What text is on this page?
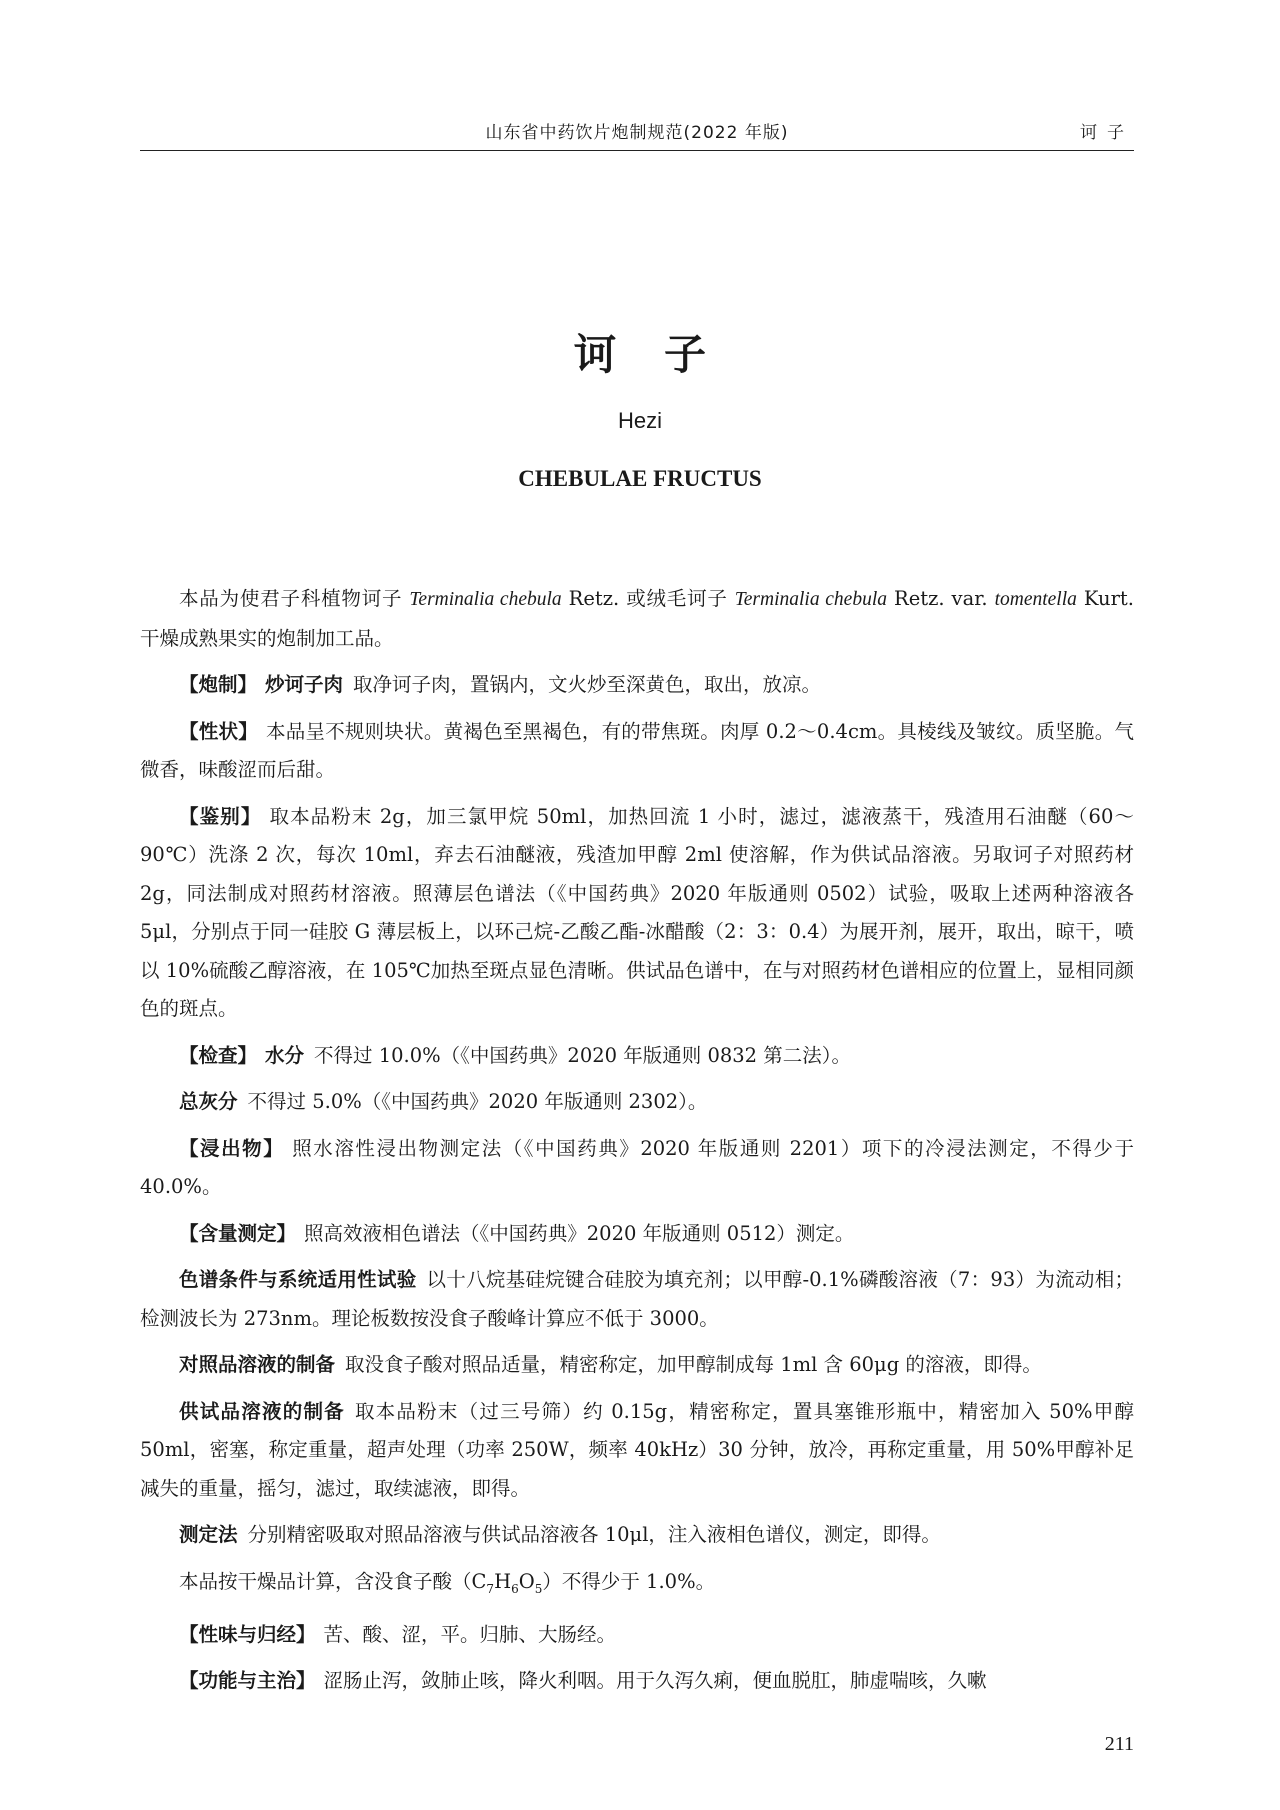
山东省中药饮片炮制规范(2022 年版)	诃子
诃子
Hezi
CHEBULAE FRUCTUS

本品为使君子科植物诃子 Terminalia chebula Retz. 或绒毛诃子 Terminalia chebula Retz. var. tomentella Kurt. 干燥成熟果实的炮制加工品。

【炮制】 炒诃子肉 取净诃子肉，置锅内，文火炒至深黄色，取出，放凉。

【性状】 本品呈不规则块状。黄褐色至黑褐色，有的带焦斑。肉厚 0.2～0.4cm。具棱线及皱纹。质坚脆。气微香，味酸涩而后甜。

【鉴别】 取本品粉末 2g，加三氯甲烷 50ml，加热回流 1 小时，滤过，滤液蒸干，残渣用石油醚（60～90℃）洗涤 2 次，每次 10ml，弃去石油醚液，残渣加甲醇 2ml 使溶解，作为供试品溶液。另取诃子对照药材 2g，同法制成对照药材溶液。照薄层色谱法（《中国药典》2020 年版通则 0502）试验，吸取上述两种溶液各 5μl，分别点于同一硅胶 G 薄层板上，以环己烷-乙酸乙酯-冰醋酸（2：3：0.4）为展开剂，展开，取出，晾干，喷以 10%硫酸乙醇溶液，在 105℃加热至斑点显色清晰。供试品色谱中，在与对照药材色谱相应的位置上，显相同颜色的斑点。

【检查】 水分 不得过 10.0%（《中国药典》2020 年版通则 0832 第二法）。

总灰分 不得过 5.0%（《中国药典》2020 年版通则 2302）。

【浸出物】 照水溶性浸出物测定法（《中国药典》2020 年版通则 2201）项下的冷浸法测定，不得少于 40.0%。

【含量测定】 照高效液相色谱法（《中国药典》2020 年版通则 0512）测定。

色谱条件与系统适用性试验 以十八烷基硅烷键合硅胶为填充剂；以甲醇-0.1%磷酸溶液（7：93）为流动相；检测波长为 273nm。理论板数按没食子酸峰计算应不低于 3000。

对照品溶液的制备 取没食子酸对照品适量，精密称定，加甲醇制成每 1ml 含 60μg 的溶液，即得。

供试品溶液的制备 取本品粉末（过三号筛）约 0.15g，精密称定，置具塞锥形瓶中，精密加入 50%甲醇 50ml，密塞，称定重量，超声处理（功率 250W，频率 40kHz）30 分钟，放冷，再称定重量，用 50%甲醇补足减失的重量，摇匀，滤过，取续滤液，即得。

测定法 分别精密吸取对照品溶液与供试品溶液各 10μl，注入液相色谱仪，测定，即得。

本品按干燥品计算，含没食子酸$(C_7H_6O_5)$不得少于 1.0%。

【性味与归经】 苦、酸、涩，平。归肺、大肠经。

【功能与主治】 涩肠止泻，敛肺止咳，降火利咽。用于久泻久痢，便血脱肛，肺虚喘咳，久嗽

211
